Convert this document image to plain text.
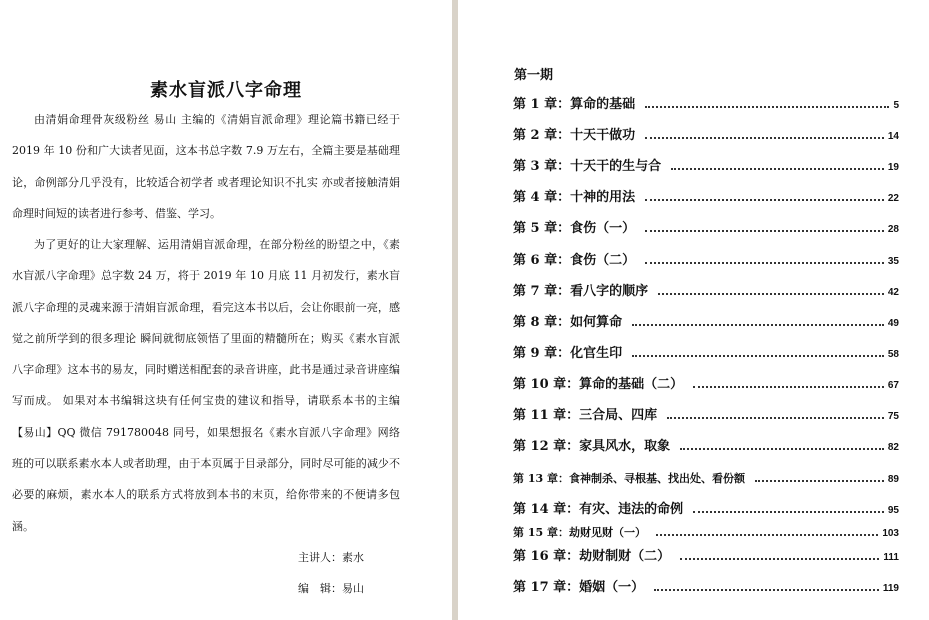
素水盲派八字命理

由清娟命理骨灰级粉丝 易山 主编的《清娟盲派命理》理论篇书籍已经于 2019 年 10 份和广大读者见面，这本书总字数 7.9 万左右，全篇主要是基础理论，命例部分几乎没有，比较适合初学者 或者理论知识不扎实 亦或者接触清娟命理时间短的读者进行参考、借鉴、学习。

为了更好的让大家理解、运用清娟盲派命理，在部分粉丝的盼望之中，《素水盲派八字命理》总字数 24 万，将于 2019 年 10 月底 11 月初发行，素水盲派八字命理的灵魂来源于清娟盲派命理，看完这本书以后，会让你眼前一亮，感觉之前所学到的很多理论 瞬间就彻底领悟了里面的精髓所在；购买《素水盲派八字命理》这本书的易友，同时赠送相配套的录音讲座，此书是通过录音讲座编写而成。 如果对本书编辑这块有任何宝贵的建议和指导，请联系本书的主编【易山】QQ 微信 791780048 同号，如果想报名《素水盲派八字命理》网络班的可以联系素水本人或者助理，由于本页属于目录部分，同时尽可能的减少不必要的麻烦，素水本人的联系方式将放到本书的末页，给你带来的不便请多包涵。

主讲人：素水
编　辑：易山
第一期
第 1 章：算命的基础	5
第 2 章：十天干做功	14
第 3 章：十天干的生与合	19
第 4 章：十神的用法	22
第 5 章：食伤（一）	28
第 6 章：食伤（二）	35
第 7 章：看八字的顺序	42
第 8 章：如何算命	49
第 9 章：化官生印	58
第 10 章：算命的基础（二）	67
第 11 章：三合局、四库	75
第 12 章：家具风水，取象	82
第 13 章：食神制杀、寻根基、找出处、看份额	89
第 14 章：有灾、违法的命例	95
第 15 章：劫财见财（一）	103
第 16 章：劫财制财（二）	111
第 17 章：婚姻（一）	119
